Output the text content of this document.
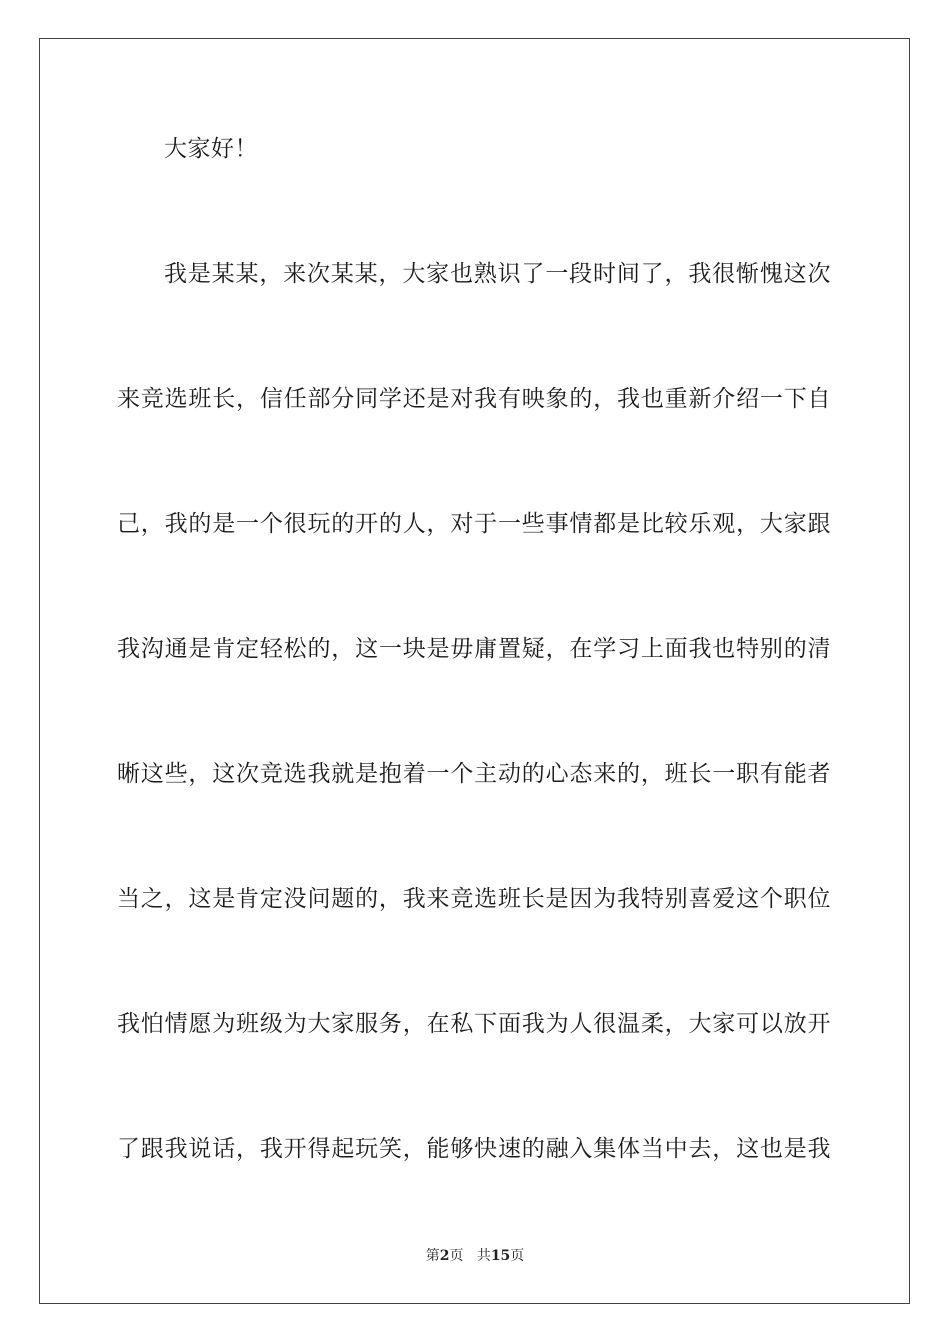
大家好！
我是某某，来次某某，大家也熟识了一段时间了，我很惭愧这次
来竞选班长，信任部分同学还是对我有映象的，我也重新介绍一下自
己，我的是一个很玩的开的人，对于一些事情都是比较乐观，大家跟
我沟通是肯定轻松的，这一块是毋庸置疑，在学习上面我也特别的清
晰这些，这次竞选我就是抱着一个主动的心态来的，班长一职有能者
当之，这是肯定没问题的，我来竞选班长是因为我特别喜爱这个职位
我怕情愿为班级为大家服务，在私下面我为人很温柔，大家可以放开
了跟我说话，我开得起玩笑，能够快速的融入集体当中去，这也是我
第2页 共15页
